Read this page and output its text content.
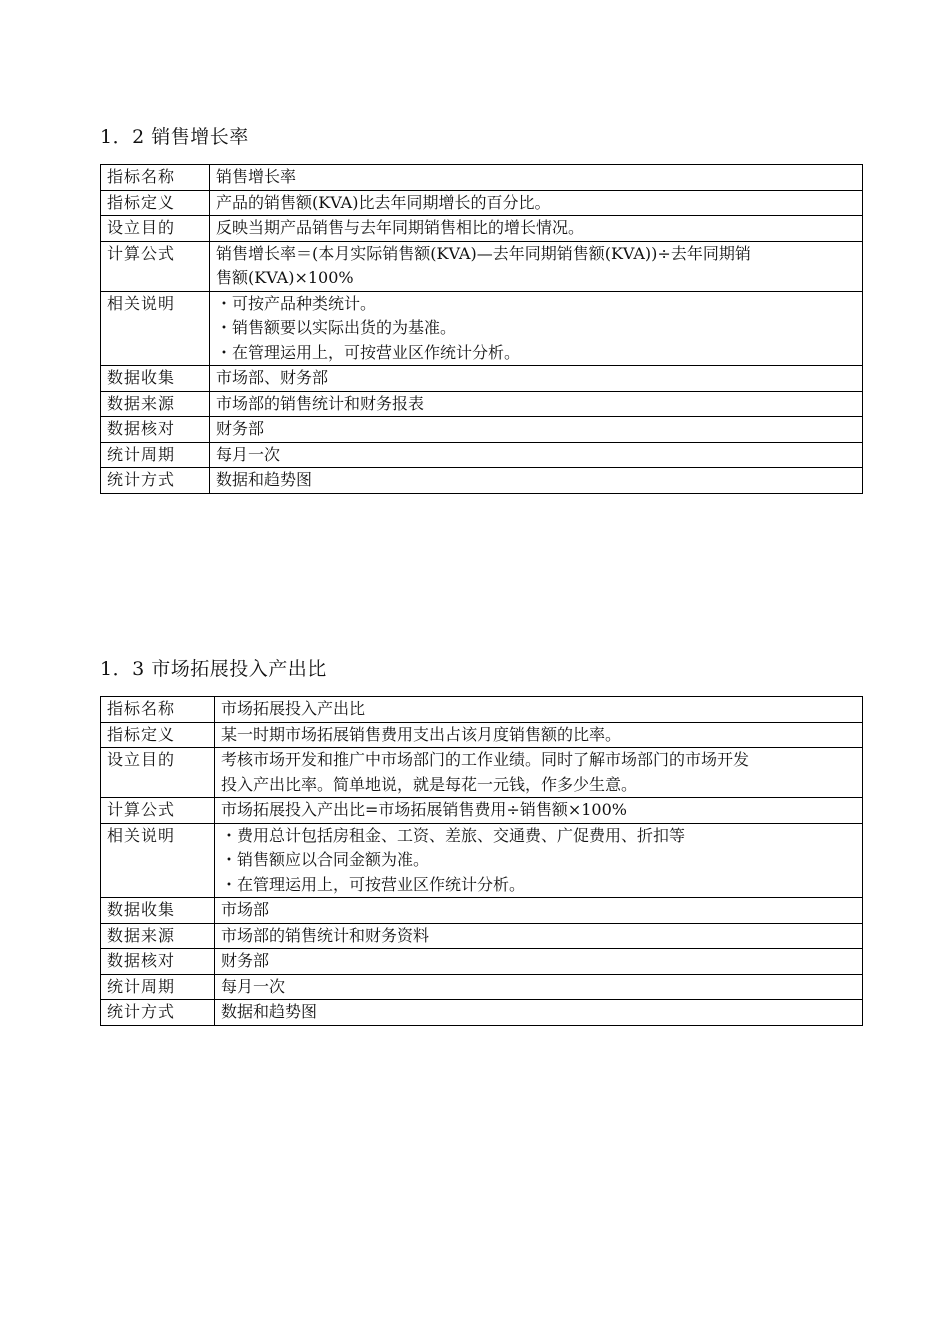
1．2 销售增长率
指标名称	销售增长率
指标定义	产品的销售额(KVA)比去年同期增长的百分比。
设立目的	反映当期产品销售与去年同期销售相比的增长情况。
计算公式	销售增长率＝(本月实际销售额(KVA)—去年同期销售额(KVA))÷去年同期销
售额(KVA)×100%

相关说明	・可按产品种类统计。
・销售额要以实际出货的为基准。
・在管理运用上，可按营业区作统计分析。

数据收集	市场部、财务部
数据来源	市场部的销售统计和财务报表
数据核对	财务部
统计周期	每月一次
统计方式	数据和趋势图
1．3 市场拓展投入产出比
指标名称	市场拓展投入产出比
指标定义	某一时期市场拓展销售费用支出占该月度销售额的比率。
设立目的	考核市场开发和推广中市场部门的工作业绩。同时了解市场部门的市场开发
投入产出比率。简单地说，就是每花一元钱，作多少生意。

计算公式	市场拓展投入产出比=市场拓展销售费用÷销售额×100%
相关说明	・费用总计包括房租金、工资、差旅、交通费、广促费用、折扣等
・销售额应以合同金额为准。
・在管理运用上，可按营业区作统计分析。

数据收集	市场部
数据来源	市场部的销售统计和财务资料
数据核对	财务部
统计周期	每月一次
统计方式	数据和趋势图
